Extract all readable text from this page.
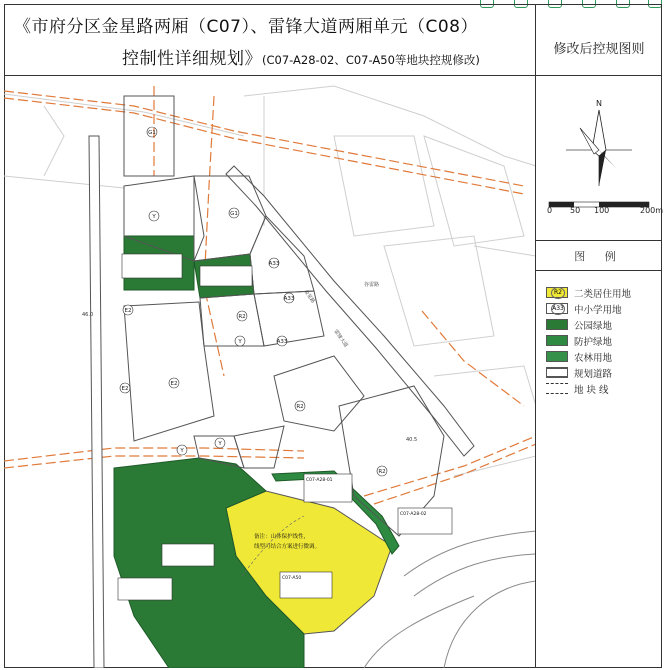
《市府分区金星路两厢（C07）、雷锋大道两厢单元（C08）
控制性详细规划》(C07-A28-02、C07-A50等地块控规修改)
修改后控规图则
G1
Y	G1
A33
A33
R2
Y	A33
E2
E2
R2
Y
Y
E2
R2
金星路
雷锋大道
谷雷路
46.0
40.5
C07-A28-01
C07-A50
C07-A28-02
备注：山体保护线性，
线型可结合方案进行微调。
N
0 50 100	200m
图 例
R2	二类居住用地
A33 中小学用地
公园绿地
防护绿地
农林用地
规划道路
地 块 线
